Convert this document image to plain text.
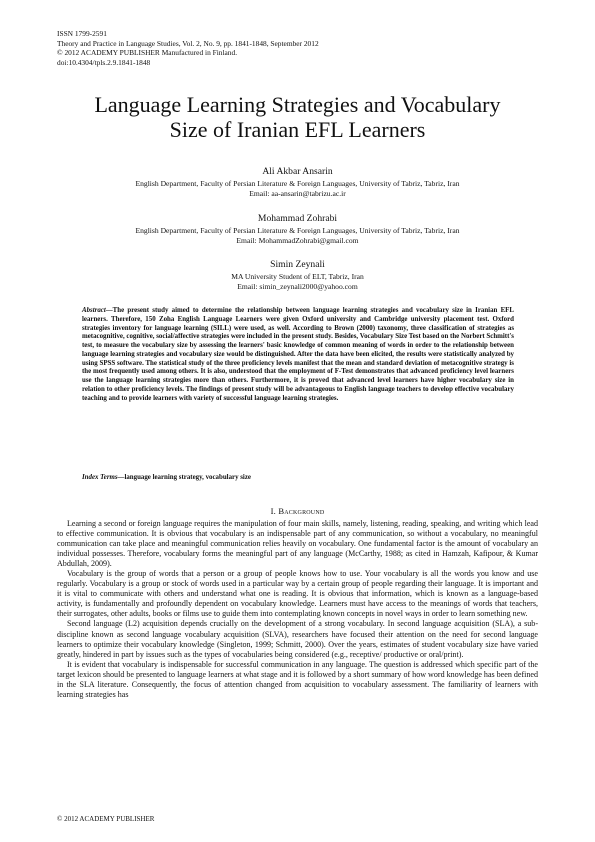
ISSN 1799-2591
Theory and Practice in Language Studies, Vol. 2, No. 9, pp. 1841-1848, September 2012
© 2012 ACADEMY PUBLISHER Manufactured in Finland.
doi:10.4304/tpls.2.9.1841-1848
Language Learning Strategies and Vocabulary
Size of Iranian EFL Learners
Ali Akbar Ansarin
English Department, Faculty of Persian Literature & Foreign Languages, University of Tabriz, Tabriz, Iran
Email: aa-ansarin@tabrizu.ac.ir
Mohammad Zohrabi
English Department, Faculty of Persian Literature & Foreign Languages, University of Tabriz, Tabriz, Iran
Email: MohammadZohrabi@gmail.com
Simin Zeynali
MA University Student of ELT, Tabriz, Iran
Email: simin_zeynali2000@yahoo.com
Abstract—The present study aimed to determine the relationship between language learning strategies and vocabulary size in Iranian EFL learners. Therefore, 150 Zoha English Language Learners were given Oxford university and Cambridge university placement test. Oxford strategies inventory for language learning (SILL) were used, as well. According to Brown (2000) taxonomy, three classification of strategies as metacognitive, cognitive, social/affective strategies were included in the present study. Besides, Vocabulary Size Test based on the Norbert Schmitt's test, to measure the vocabulary size by assessing the learners' basic knowledge of common meaning of words in order to the relationship between language learning strategies and vocabulary size would be distinguished. After the data have been elicited, the results were statistically analyzed by using SPSS software. The statistical study of the three proficiency levels manifest that the mean and standard deviation of metacognitive strategy is the most frequently used among others. It is also, understood that the employment of F-Test demonstrates that advanced proficiency level learners use the language learning strategies more than others. Furthermore, it is proved that advanced level learners have higher vocabulary size in relation to other proficiency levels. The findings of present study will be advantageous to English language teachers to develop effective vocabulary teaching and to provide learners with variety of successful language learning strategies.
Index Terms—language learning strategy, vocabulary size
I. Background

Learning a second or foreign language requires the manipulation of four main skills, namely, listening, reading, speaking, and writing which lead to effective communication. It is obvious that vocabulary is an indispensable part of any communication, so without a vocabulary, no meaningful communication can take place and meaningful communication relies heavily on vocabulary. One fundamental factor is the amount of vocabulary an individual possesses. Therefore, vocabulary forms the meaningful part of any language (McCarthy, 1988; as cited in Hamzah, Kafipour, & Kumar Abdullah, 2009).

Vocabulary is the group of words that a person or a group of people knows how to use. Your vocabulary is all the words you know and use regularly. Vocabulary is a group or stock of words used in a particular way by a certain group of people regarding their language. It is important and it is vital to communicate with others and understand what one is reading. It is obvious that information, which is known as a language-based activity, is fundamentally and profoundly dependent on vocabulary knowledge. Learners must have access to the meanings of words that teachers, their surrogates, other adults, books or films use to guide them into contemplating known concepts in novel ways in order to learn something new.

Second language (L2) acquisition depends crucially on the development of a strong vocabulary. In second language acquisition (SLA), a sub-discipline known as second language vocabulary acquisition (SLVA), researchers have focused their attention on the need for second language learners to optimize their vocabulary knowledge (Singleton, 1999; Schmitt, 2000). Over the years, estimates of student vocabulary size have varied greatly, hindered in part by issues such as the types of vocabularies being considered (e.g., receptive/ productive or oral/print).

It is evident that vocabulary is indispensable for successful communication in any language. The question is addressed which specific part of the target lexicon should be presented to language learners at what stage and it is followed by a short summary of how word knowledge has been defined in the SLA literature. Consequently, the focus of attention changed from acquisition to vocabulary assessment. The familiarity of learners with learning strategies has

© 2012 ACADEMY PUBLISHER
